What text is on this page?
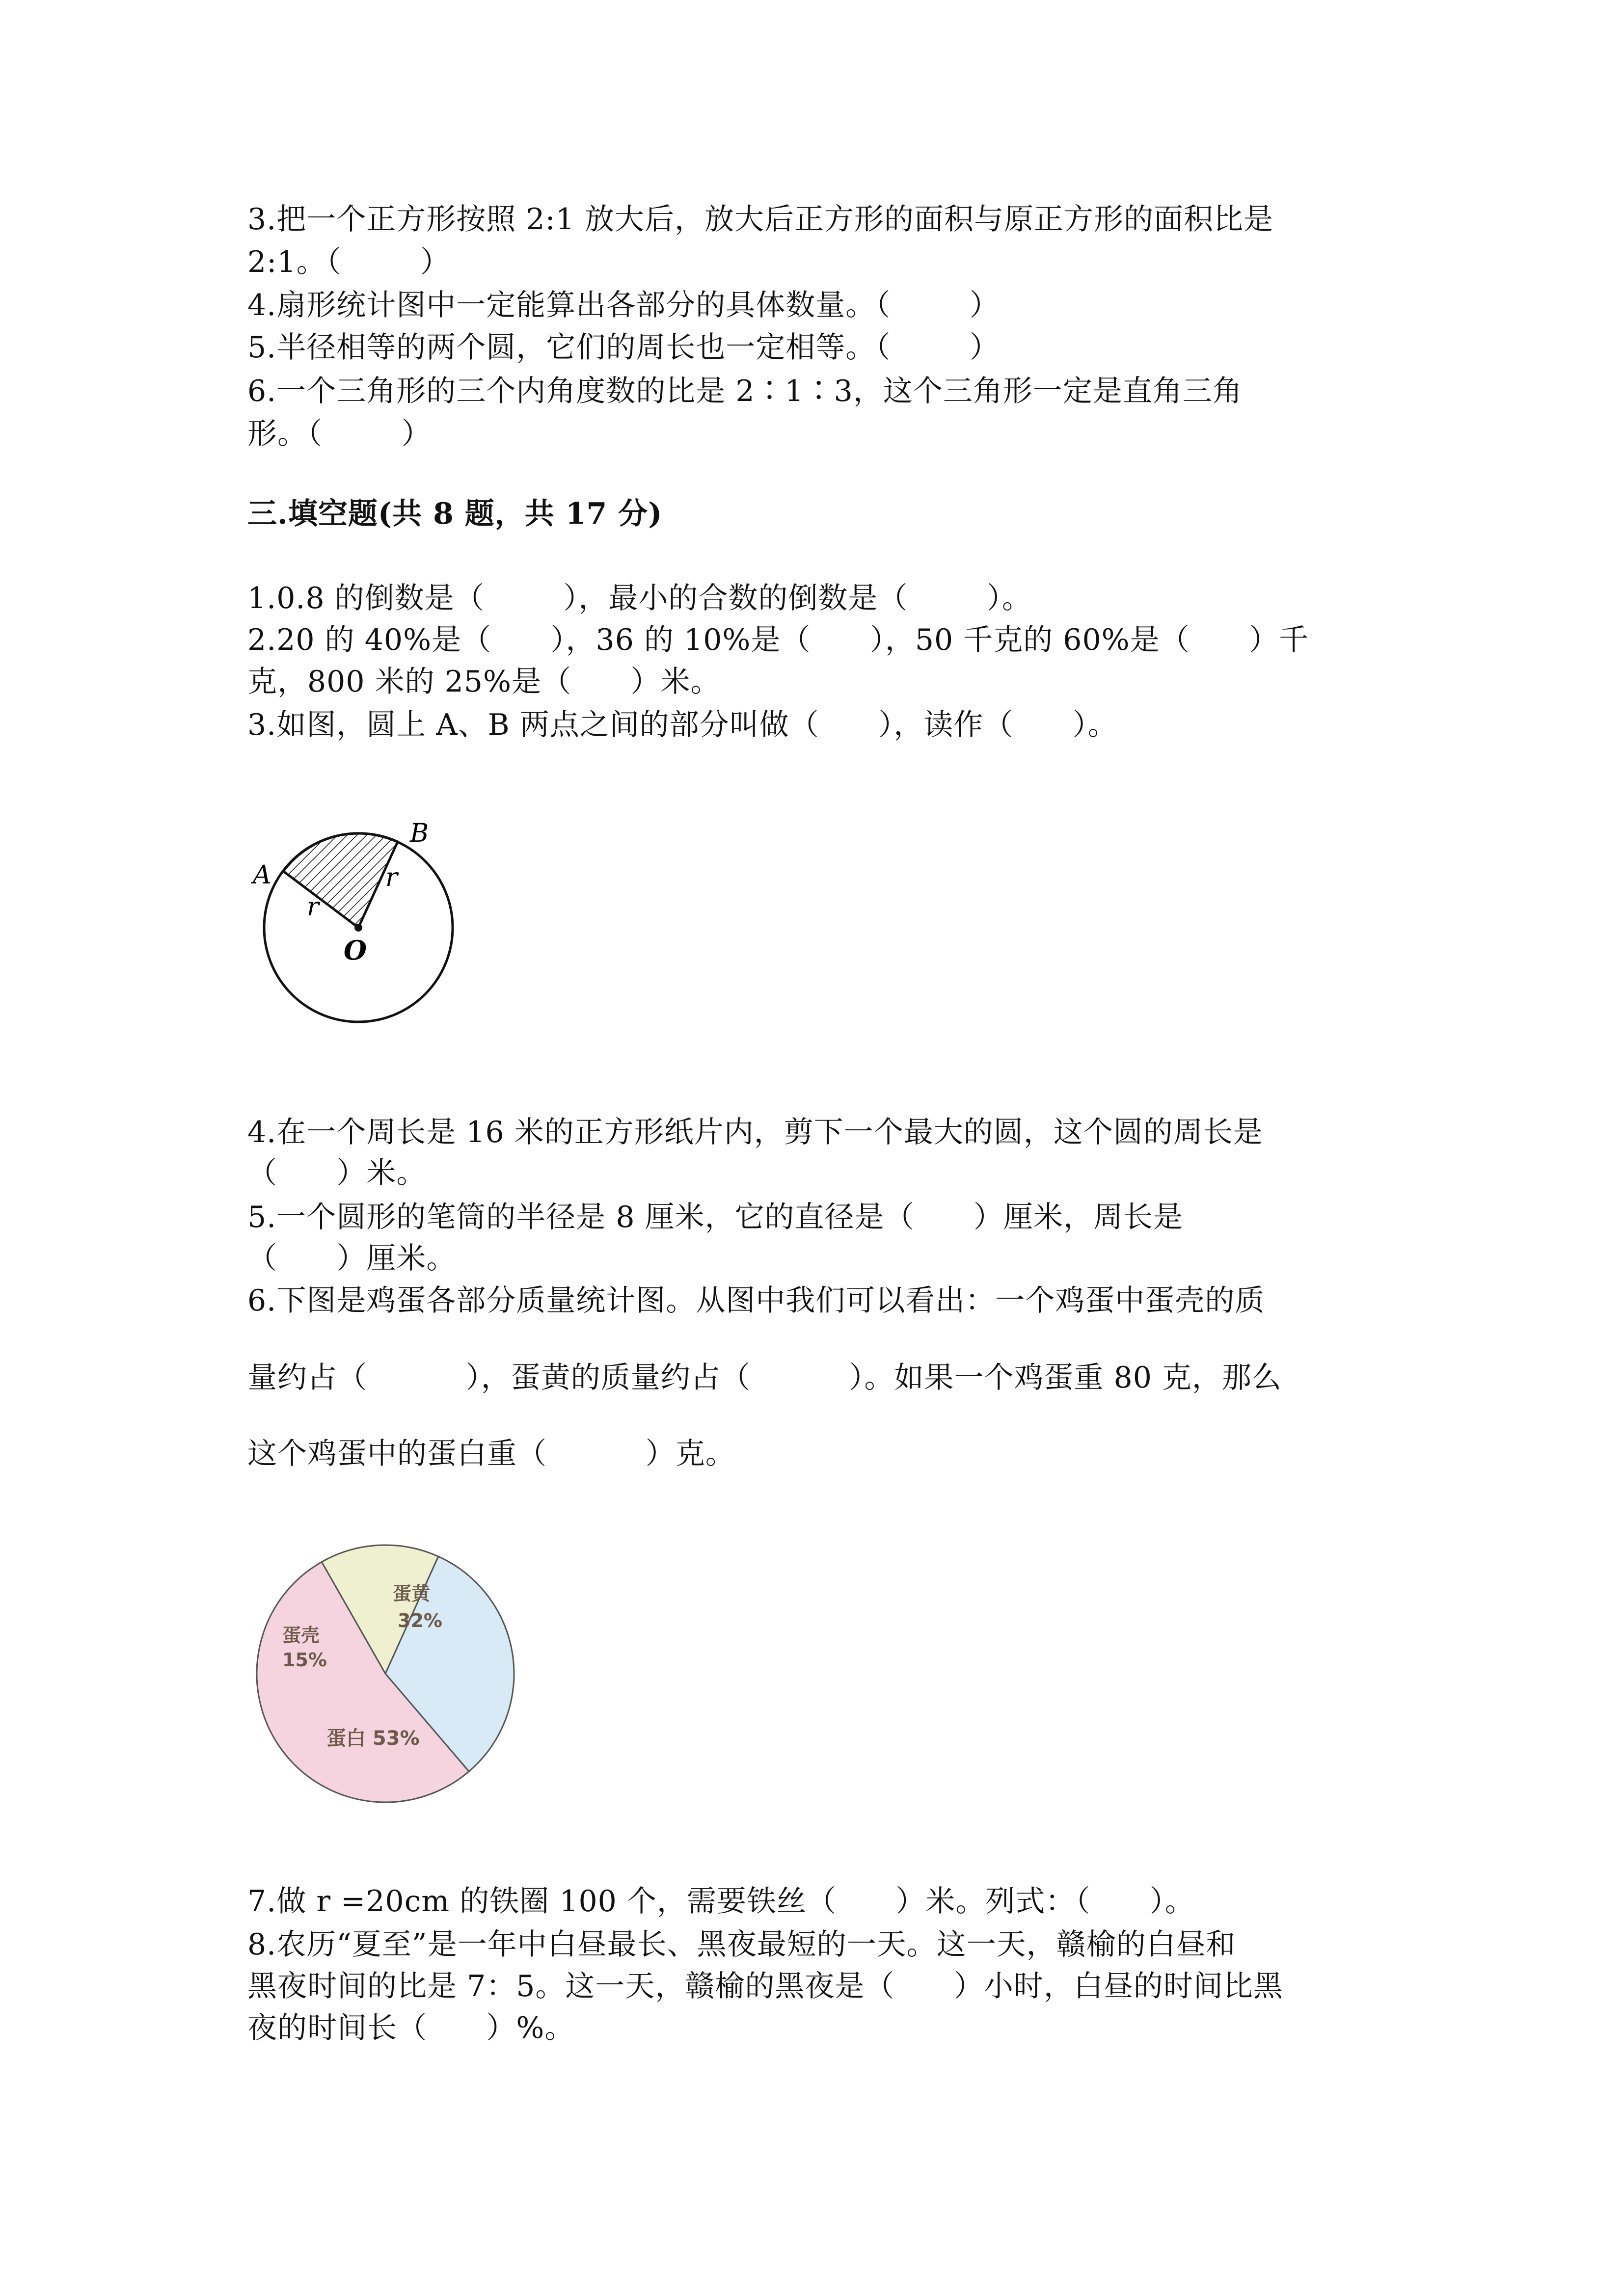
3.把一个正方形按照 2:1 放大后，放大后正方形的面积与原正方形的面积比是
2:1。（        ）
4.扇形统计图中一定能算出各部分的具体数量。（        ）
5.半径相等的两个圆，它们的周长也一定相等。（        ）
6.一个三角形的三个内角度数的比是 2∶1∶3，这个三角形一定是直角三角
形。（        ）
三.填空题(共 8 题，共 17 分)
1.0.8 的倒数是（        ），最小的合数的倒数是（        ）。
2.20 的 40%是（      ），36 的 10%是（      ），50 千克的 60%是（      ）千
克，800 米的 25%是（      ）米。
3.如图，圆上 A、B 两点之间的部分叫做（      ），读作（      ）。
A
B
O
r
r
4.在一个周长是 16 米的正方形纸片内，剪下一个最大的圆，这个圆的周长是
（      ）米。
5.一个圆形的笔筒的半径是 8 厘米，它的直径是（      ）厘米，周长是
（      ）厘米。
6.下图是鸡蛋各部分质量统计图。从图中我们可以看出：一个鸡蛋中蛋壳的质
量约占（          ），蛋黄的质量约占（          ）。如果一个鸡蛋重 80 克，那么
这个鸡蛋中的蛋白重（          ）克。
蛋壳
15%
蛋黄
32%
蛋白 53%
7.做 r =20cm 的铁圈 100 个，需要铁丝（      ）米。列式：（      ）。
8.农历“夏至”是一年中白昼最长、黑夜最短的一天。这一天，赣榆的白昼和
黑夜时间的比是 7：5。这一天，赣榆的黑夜是（      ）小时，白昼的时间比黑
夜的时间长（      ）%。
